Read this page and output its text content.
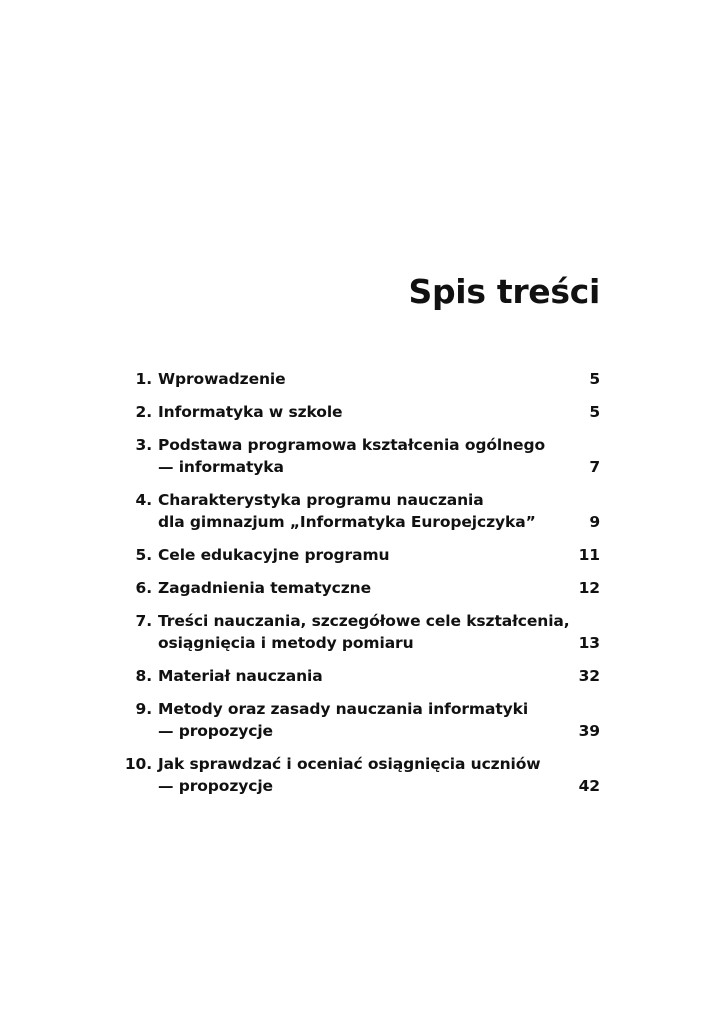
Spis treści
1. Wprowadzenie	5
2. Informatyka w szkole	5
3. Podstawa programowa kształcenia ogólnego
— informatyka	7
4. Charakterystyka programu nauczania
dla gimnazjum „Informatyka Europejczyka”	9
5. Cele edukacyjne programu	11
6. Zagadnienia tematyczne	12
7. Treści nauczania, szczegółowe cele kształcenia,
osiągnięcia i metody pomiaru	13
8. Materiał nauczania	32
9. Metody oraz zasady nauczania informatyki
— propozycje	39
10. Jak sprawdzać i oceniać osiągnięcia uczniów
— propozycje	42
